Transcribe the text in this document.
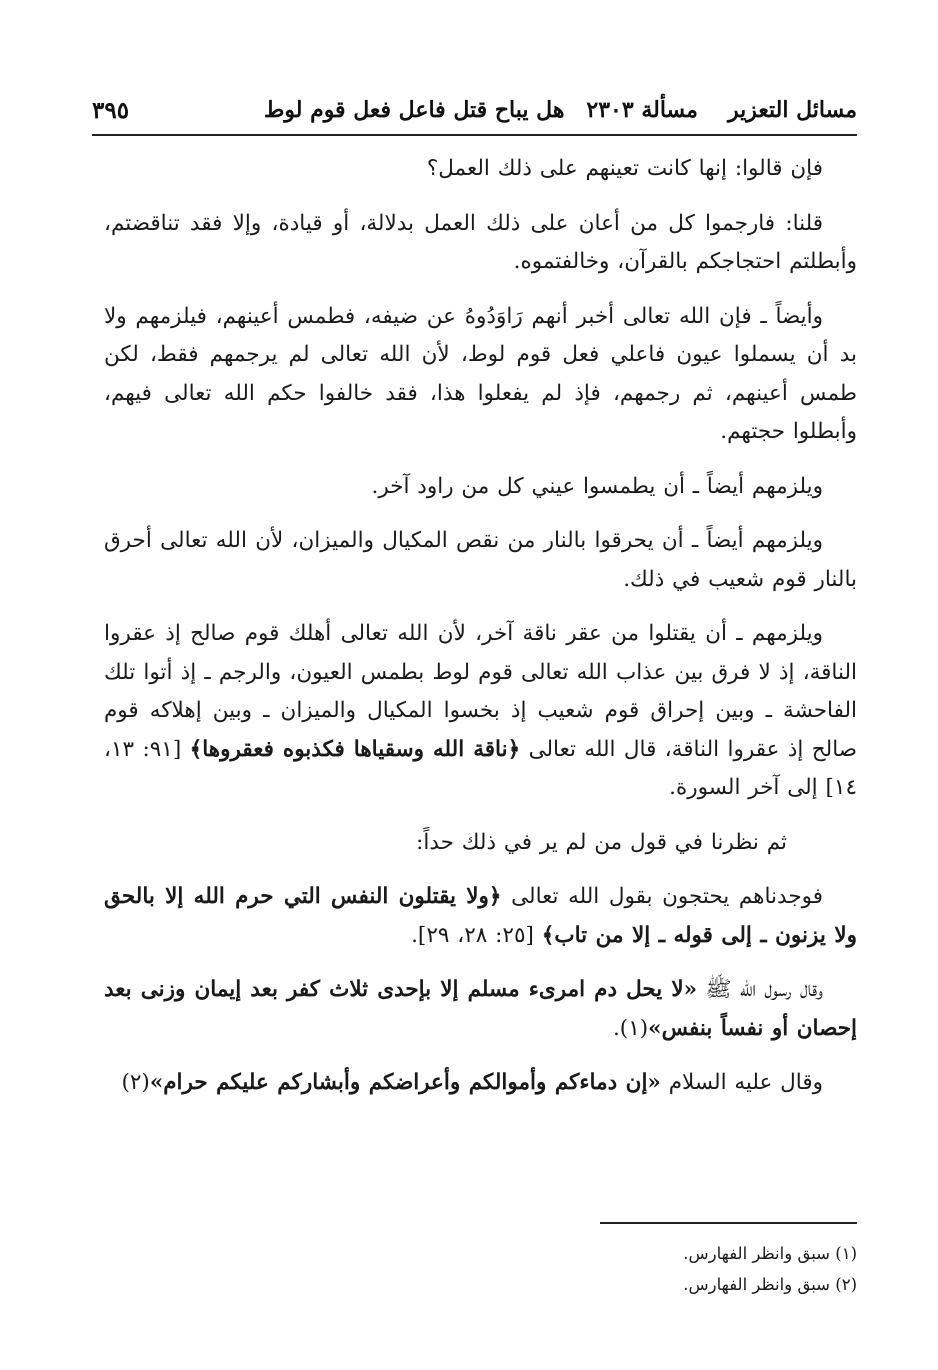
مسائل التعزير
مسألة ٢٣٠٣
هل يباح قتل فاعل فعل قوم لوط
٣٩٥

فإن قالوا: إنها كانت تعينهم على ذلك العمل؟

قلنا: فارجموا كل من أعان على ذلك العمل بدلالة، أو قيادة، وإلا فقد تناقضتم، وأبطلتم احتجاجكم بالقرآن، وخالفتموه.

وأيضاً ـ فإن الله تعالى أخبر أنهم رَاوَدُوهُ عن ضيفه، فطمس أعينهم، فيلزمهم ولا بد أن يسملوا عيون فاعلي فعل قوم لوط، لأن الله تعالى لم يرجمهم فقط، لكن طمس أعينهم، ثم رجمهم، فإذ لم يفعلوا هذا، فقد خالفوا حكم الله تعالى فيهم، وأبطلوا حجتهم.

ويلزمهم أيضاً ـ أن يطمسوا عيني كل من راود آخر.

ويلزمهم أيضاً ـ أن يحرقوا بالنار من نقص المكيال والميزان، لأن الله تعالى أحرق بالنار قوم شعيب في ذلك.

ويلزمهم ـ أن يقتلوا من عقر ناقة آخر، لأن الله تعالى أهلك قوم صالح إذ عقروا الناقة، إذ لا فرق بين عذاب الله تعالى قوم لوط بطمس العيون، والرجم ـ إذ أتوا تلك الفاحشة ـ وبين إحراق قوم شعيب إذ بخسوا المكيال والميزان ـ وبين إهلاكه قوم صالح إذ عقروا الناقة، قال الله تعالى ﴿ناقة الله وسقياها فكذبوه فعقروها﴾ [٩١: ١٣، ١٤] إلى آخر السورة.

ثم نظرنا في قول من لم ير في ذلك حداً:

فوجدناهم يحتجون بقول الله تعالى ﴿ولا يقتلون النفس التي حرم الله إلا بالحق ولا يزنون ـ إلى قوله ـ إلا من تاب﴾ [٢٥: ٢٨، ٢٩].

وقال رسول الله ﷺ «لا يحل دم امرىء مسلم إلا بإحدى ثلاث كفر بعد إيمان وزنى بعد إحصان أو نفساً بنفس»(١).

وقال عليه السلام «إن دماءكم وأموالكم وأعراضكم وأبشاركم عليكم حرام»(٢)

(١) سبق وانظر الفهارس.

(٢) سبق وانظر الفهارس.
